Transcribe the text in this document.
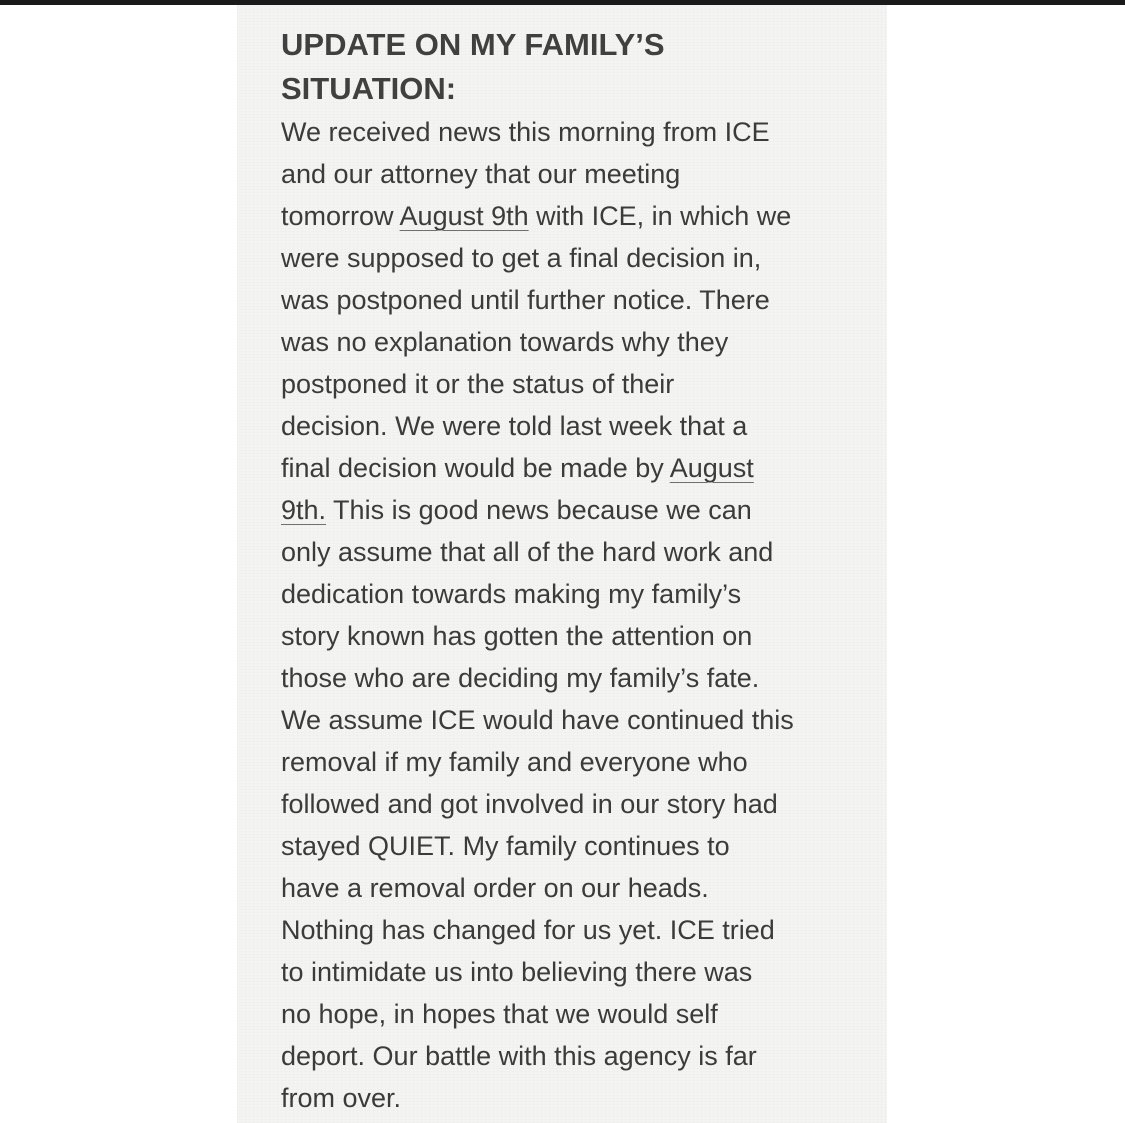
UPDATE ON MY FAMILY’S
SITUATION:
We received news this morning from ICE
and our attorney that our meeting
tomorrow August 9th with ICE, in which we
were supposed to get a final decision in,
was postponed until further notice. There
was no explanation towards why they
postponed it or the status of their
decision. We were told last week that a
final decision would be made by August
9th. This is good news because we can
only assume that all of the hard work and
dedication towards making my family’s
story known has gotten the attention on
those who are deciding my family’s fate.
We assume ICE would have continued this
removal if my family and everyone who
followed and got involved in our story had
stayed QUIET. My family continues to
have a removal order on our heads.
Nothing has changed for us yet. ICE tried
to intimidate us into believing there was
no hope, in hopes that we would self
deport. Our battle with this agency is far
from over.
